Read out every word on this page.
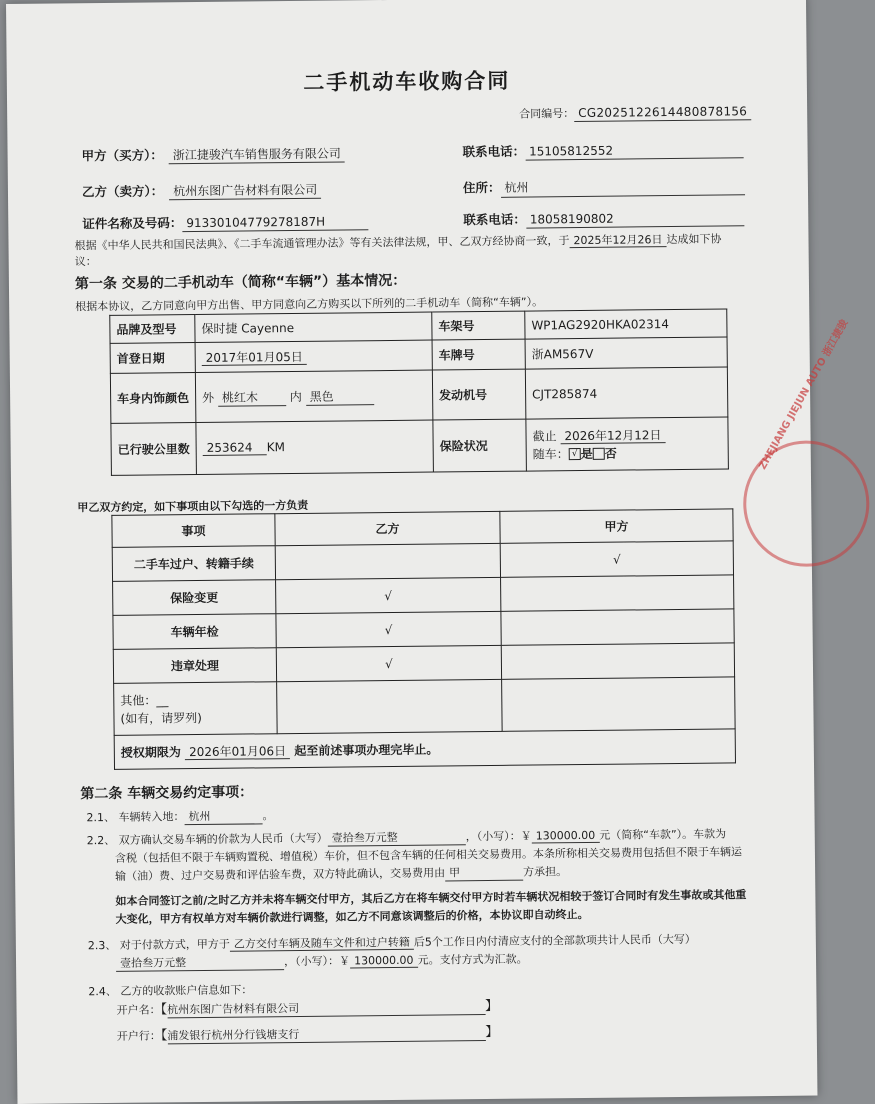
二手机动车收购合同
合同编号： CG2025122614480878156
甲方（买方）： 浙江捷骏汽车销售服务有限公司	联系电话： 15105812552
乙方（卖方）： 杭州东图广告材料有限公司	住所： 杭州
证件名称及号码： 91330104779278187H	联系电话： 18058190802
根据《中华人民共和国民法典》、《二手车流通管理办法》等有关法律法规，甲、乙双方经协商一致，于 2025年12月26日 达成如下协
议：
第一条 交易的二手机动车（简称“车辆”）基本情况：
根据本协议，乙方同意向甲方出售、甲方同意向乙方购买以下所列的二手机动车（简称“车辆”）。
品牌及型号	保时捷 Cayenne	车架号	WP1AG2920HKA02314
首登日期	2017年01月05日	车牌号	浙AM567V
车身内饰颜色	外 桃红木 内 黑色	发动机号	CJT285874
已行驶公里数	253624 KM	保险状况	截止 2026年12月12日
随车： √ 是 否
甲乙双方约定，如下事项由以下勾选的一方负责
事项	乙方	甲方
二手车过户、转籍手续		√
保险变更	√	
车辆年检	√	
违章处理	√	

其他：__
(如有，请罗列)		

授权期限为 2026年01月06日 起至前述事项办理完毕止。		
第二条 车辆交易约定事项：
2.1、 车辆转入地： 杭州	。
2.2、 双方确认交易车辆的价款为人民币（大写） 壹拾叁万元整	，（小写）：￥ 130000.00 元（简称“车款”）。车款为
含税（包括但不限于车辆购置税、增值税）车价，但不包含车辆的任何相关交易费用。本条所称相关交易费用包括但不限于车辆运
输（油）费、过户交易费和评估验车费，双方特此确认，交易费用由 甲	方承担。
如本合同签订之前/之时乙方并未将车辆交付甲方，其后乙方在将车辆交付甲方时若车辆状况相较于签订合同时有发生事故或其他重
大变化，甲方有权单方对车辆价款进行调整，如乙方不同意该调整后的价格，本协议即自动终止。
2.3、 对于付款方式，甲方于 乙方交付车辆及随车文件和过户转籍 后5个工作日内付清应支付的全部款项共计人民币（大写）
壹拾叁万元整	，（小写）：￥ 130000.00 元。支付方式为汇款。
2.4、 乙方的收款账户信息如下：
开户名：【杭州东图广告材料有限公司	】
开户行：【浦发银行杭州分行钱塘支行	】
ZHEJIANG JIEJUN AUTO 浙江捷骏
